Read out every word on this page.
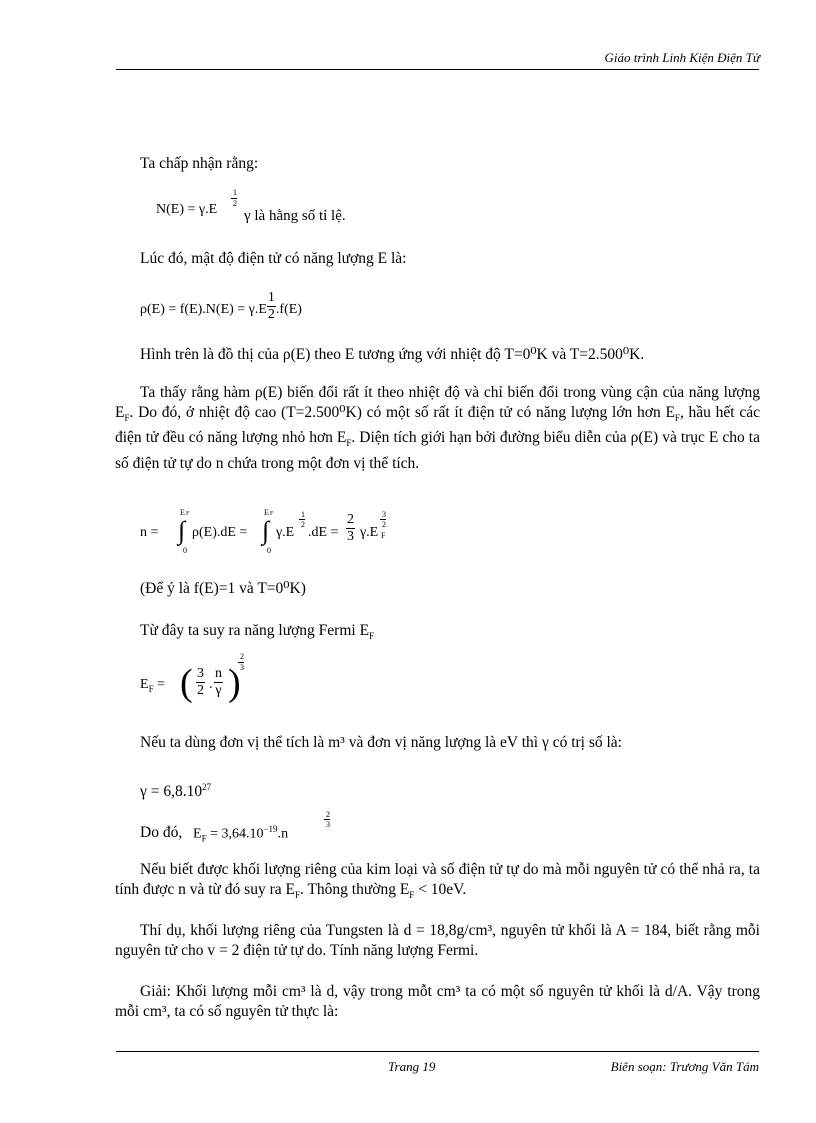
Giáo trình Linh Kiện Điện Tử
Ta chấp nhận rằng:
N(E) = γ.E
1
2
γ là hằng số tỉ lệ.
Lúc đó, mật độ điện tử có năng lượng E là:
$\rho(E) = f(E).N(E) = \gamma.E \frac{1}{2} .f(E)$
Hình trên là đồ thị của ρ(E) theo E tương ứng với nhiệt độ T=0⁰K và T=2.500⁰K.
Ta thấy rằng hàm ρ(E) biến đổi rất ít theo nhiệt độ và chỉ biến đổi trong vùng cận của năng lượng $E_F$. Do đó, ở nhiệt độ cao (T=2.500⁰K) có một số rất ít điện tử có năng lượng lớn hơn $E_F$, hầu hết các điện tử đều có năng lượng nhỏ hơn $E_F$. Diện tích giới hạn bởi đường biểu diễn của ρ(E) và trục E cho ta số điện tử tự do n chứa trong một đơn vị thể tích.
n =
E F
∫
0
ρ(E).dE =
E F
∫
0
γ.E
1
2
$.dE = \frac{2}{3} \gamma.E$
3
2
F
(Để ý là f(E)=1 và T=0⁰K)
Từ đây ta suy ra năng lượng Fermi $E_F$
$E_F$ = ( $\frac{3}{2}$ . $\frac{n}{\gamma}$ )
2
3
Nếu ta dùng đơn vị thể tích là m³ và đơn vị năng lượng là eV thì γ có trị số là:
$\gamma = 6,8.10^{27}$
Do đó, $E_F = 3,64.10^{-19}.n$
2
3
Nếu biết được khối lượng riêng của kim loại và số điện tử tự do mà mỗi nguyên tử có thể nhả ra, ta tính được n và từ đó suy ra $E_F$. Thông thường $E_F < 10eV$.
Thí dụ, khối lượng riêng của Tungsten là d = 18,8g/cm³, nguyên tử khối là A = 184, biết rằng mỗi nguyên tử cho v = 2 điện tử tự do. Tính năng lượng Fermi.
Giải: Khối lượng mỗi cm³ là d, vậy trong mỗt cm³ ta có một số nguyên tử khối là d/A. Vậy trong mỗi cm³, ta có số nguyên tử thực là:
Trang 19	Biên soạn: Trương Văn Tám
